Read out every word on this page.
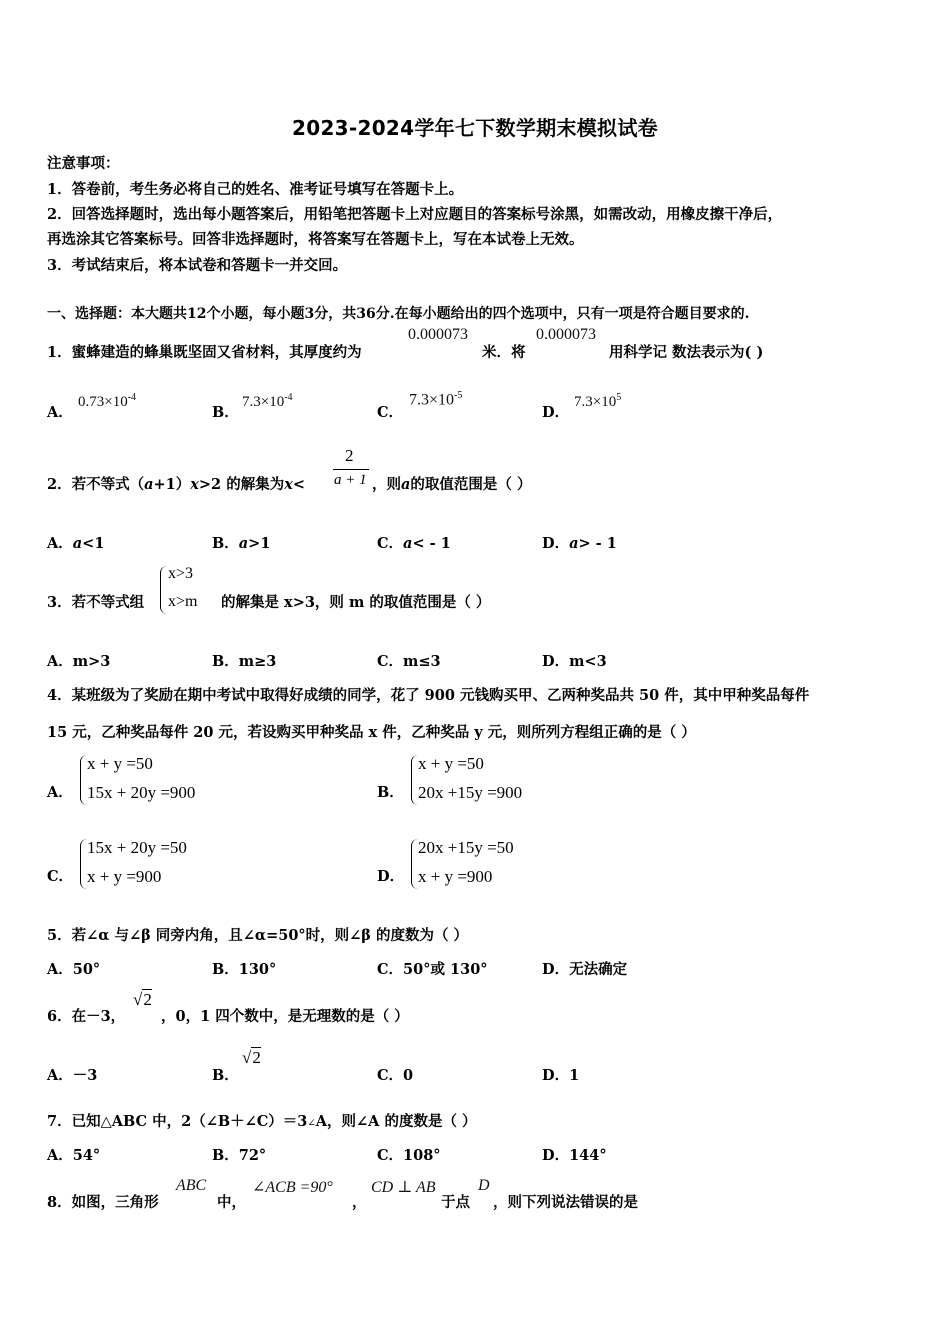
2023-2024学年七下数学期末模拟试卷
注意事项：
1．答卷前，考生务必将自己的姓名、准考证号填写在答题卡上。
2．回答选择题时，选出每小题答案后，用铅笔把答题卡上对应题目的答案标号涂黑，如需改动，用橡皮擦干净后，
再选涂其它答案标号。回答非选择题时，将答案写在答题卡上，写在本试卷上无效。
3．考试结束后，将本试卷和答题卡一并交回。
一、选择题：本大题共12个小题，每小题3分，共36分.在每小题给出的四个选项中，只有一项是符合题目要求的.
1．蜜蜂建造的蜂巢既坚固又省材料，其厚度约为
0.000073
米．将
0.000073
用科学记 数法表示为( )
A．
$0.73\times 10^{-4}$
B．
$7.3\times 10^{-4}$
C．
$7.3\times 10^{-5}$
D．
$7.3\times 10^5$
2．若不等式（a+1）x>2 的解集为x<
2
a + 1 ，则a的取值范围是（ ）
A．a<1	B．a>1	C．a< - 1	D．a> - 1
3．若不等式组
x>3
x>m 的解集是 x>3，则 m 的取值范围是（ ）
A．m>3	B．m≥3	C．m≤3	D．m<3
4．某班级为了奖励在期中考试中取得好成绩的同学，花了 900 元钱购买甲、乙两种奖品共 50 件，其中甲种奖品每件
15 元，乙种奖品每件 20 元，若设购买甲种奖品 x 件，乙种奖品 y 元，则所列方程组正确的是（ ）
A．
x + y =50
15x + 20y =900	B．
x + y =50
20x +15y =900
C．
15x + 20y =50
x + y =900	D．
20x +15y =50
x + y =900
5．若∠α 与∠β 同旁内角，且∠α=50°时，则∠β 的度数为（ ）
A．50°	B．130°	C．50°或 130°	D．无法确定
6．在－3，
√2
，0，1 四个数中，是无理数的是（ ）
A．－3	B．
√2
C．0	D．1
7．已知△ABC 中，2（∠B＋∠C）＝3∠A，则∠A 的度数是（ ）
A．54°	B．72°	C．108°	D．144°
8．如图，三角形
ABC
中，
∠ACB =90°
，
CD ⊥ AB
于点
D
，则下列说法错误的是
